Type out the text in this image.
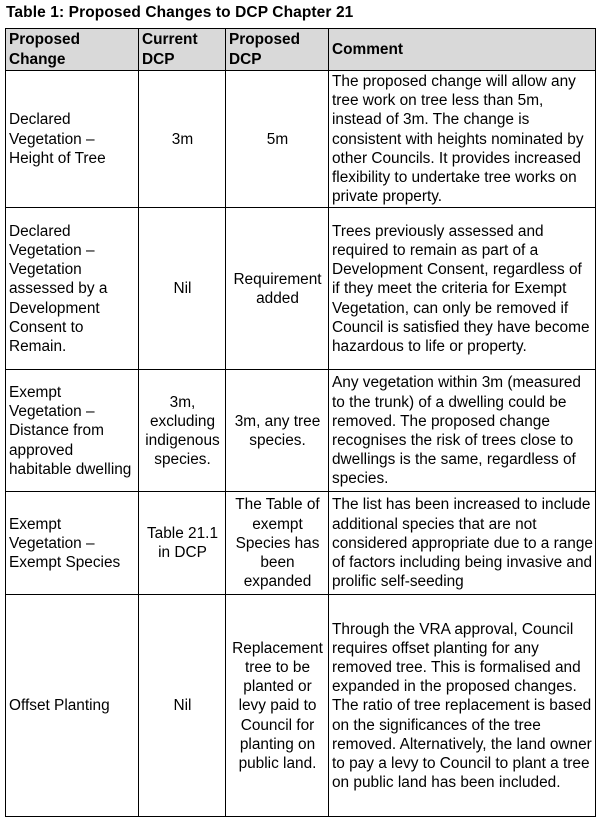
Table 1: Proposed Changes to DCP Chapter 21
Proposed Change	Current DCP	Proposed DCP	Comment
Declared Vegetation – Height of Tree	3m	5m	The proposed change will allow any tree work on tree less than 5m, instead of 3m. The change is consistent with heights nominated by other Councils. It provides increased flexibility to undertake tree works on private property.
Declared Vegetation – Vegetation assessed by a Development Consent to Remain.	Nil	Requirement added	Trees previously assessed and required to remain as part of a Development Consent, regardless of if they meet the criteria for Exempt Vegetation, can only be removed if Council is satisfied they have become hazardous to life or property.
Exempt Vegetation – Distance from approved habitable dwelling	3m, excluding indigenous species.	3m, any tree species.	Any vegetation within 3m (measured to the trunk) of a dwelling could be removed. The proposed change recognises the risk of trees close to dwellings is the same, regardless of species.
Exempt Vegetation – Exempt Species	Table 21.1 in DCP	The Table of exempt Species has been expanded	The list has been increased to include additional species that are not considered appropriate due to a range of factors including being invasive and prolific self-seeding
Offset Planting	Nil	Replacement tree to be planted or levy paid to Council for planting on public land.	Through the VRA approval, Council requires offset planting for any removed tree. This is formalised and expanded in the proposed changes. The ratio of tree replacement is based on the significances of the tree removed. Alternatively, the land owner to pay a levy to Council to plant a tree on public land has been included.
